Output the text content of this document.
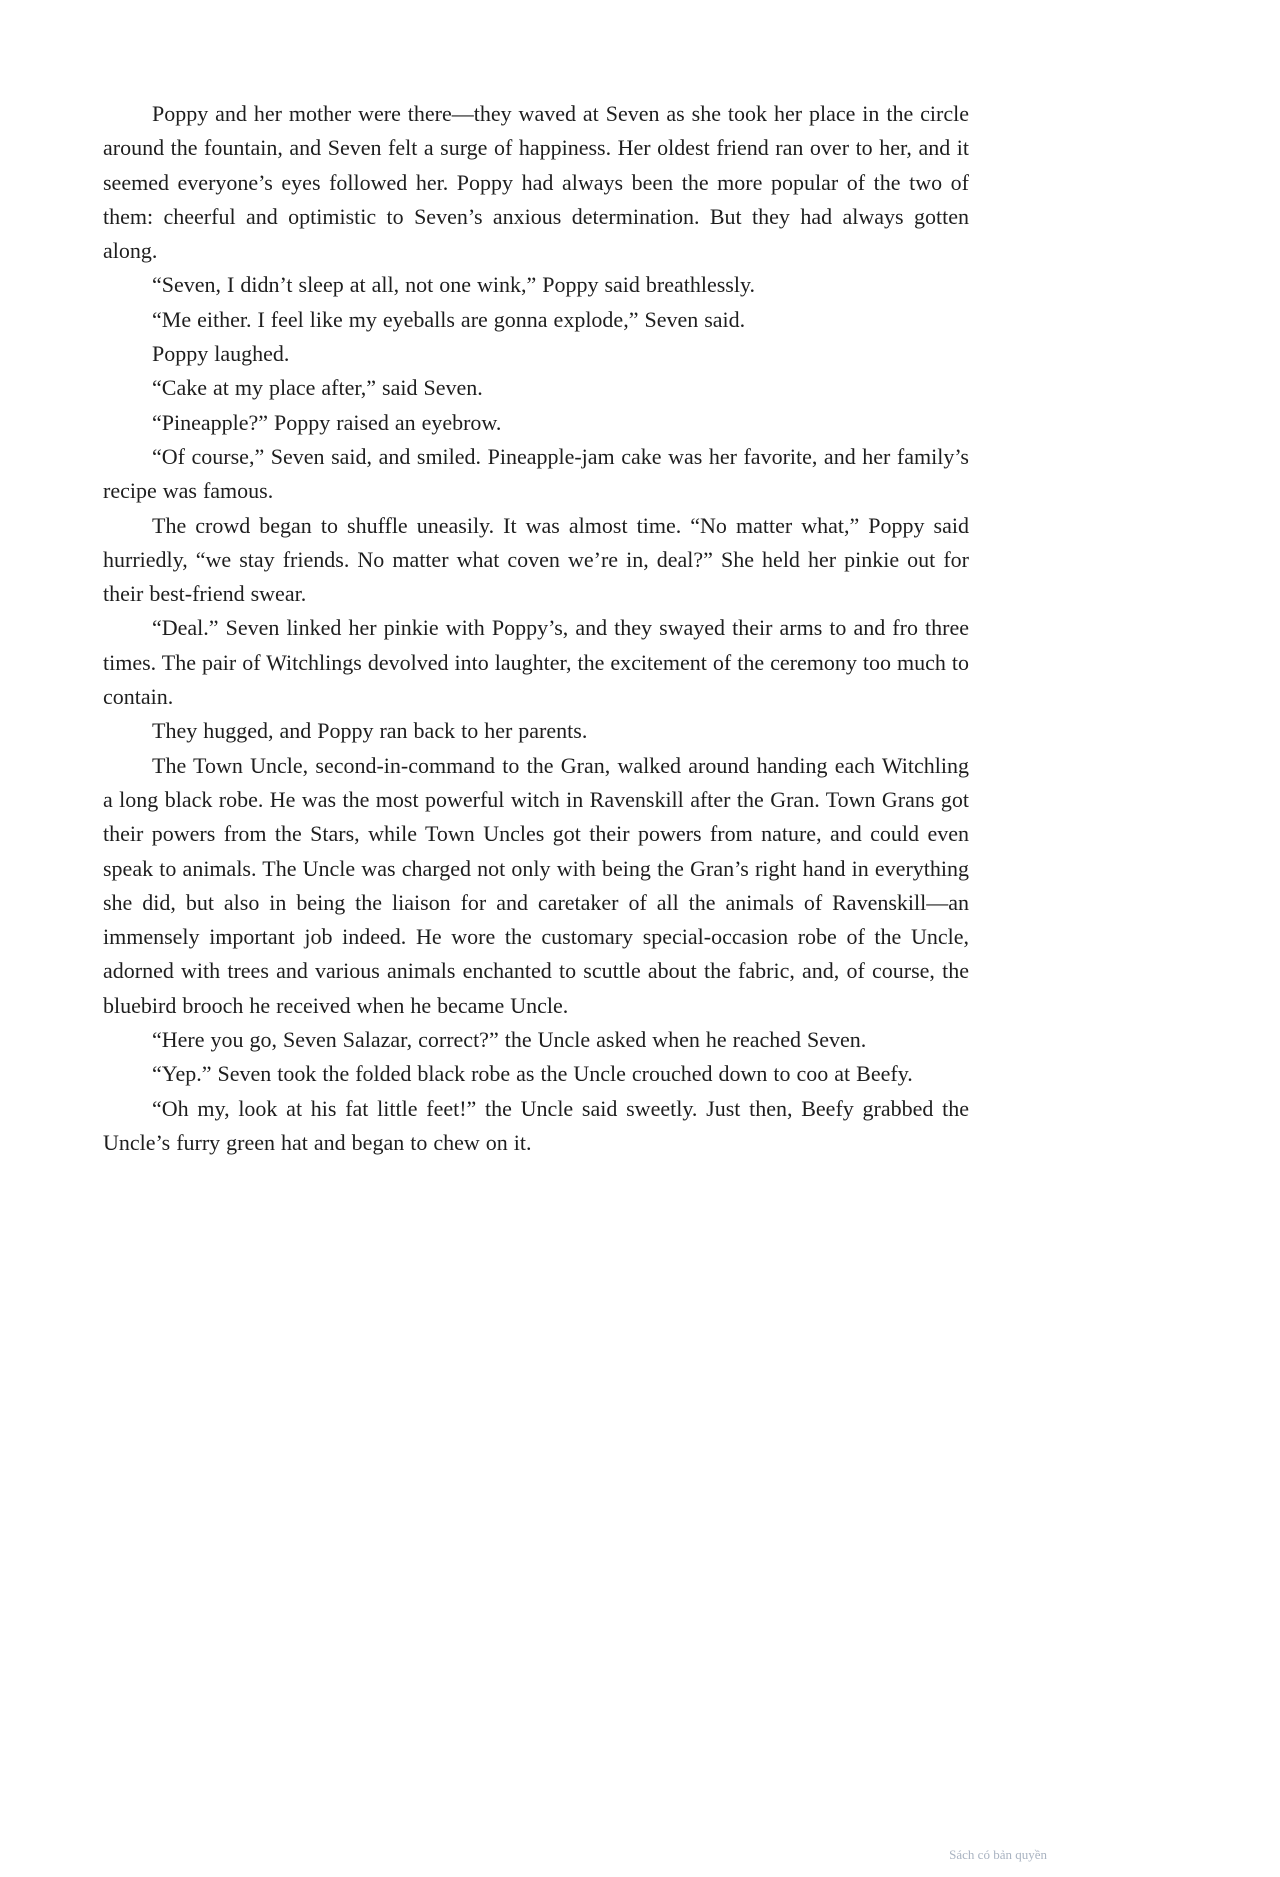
Poppy and her mother were there—they waved at Seven as she took her place in the circle around the fountain, and Seven felt a surge of happiness. Her oldest friend ran over to her, and it seemed everyone’s eyes followed her. Poppy had always been the more popular of the two of them: cheerful and optimistic to Seven’s anxious determination. But they had always gotten along.

“Seven, I didn’t sleep at all, not one wink,” Poppy said breathlessly.

“Me either. I feel like my eyeballs are gonna explode,” Seven said.

Poppy laughed.

“Cake at my place after,” said Seven.

“Pineapple?” Poppy raised an eyebrow.

“Of course,” Seven said, and smiled. Pineapple-jam cake was her favorite, and her family’s recipe was famous.

The crowd began to shuffle uneasily. It was almost time. “No matter what,” Poppy said hurriedly, “we stay friends. No matter what coven we’re in, deal?” She held her pinkie out for their best-friend swear.

“Deal.” Seven linked her pinkie with Poppy’s, and they swayed their arms to and fro three times. The pair of Witchlings devolved into laughter, the excitement of the ceremony too much to contain.

They hugged, and Poppy ran back to her parents.

The Town Uncle, second-in-command to the Gran, walked around handing each Witchling a long black robe. He was the most powerful witch in Ravenskill after the Gran. Town Grans got their powers from the Stars, while Town Uncles got their powers from nature, and could even speak to animals. The Uncle was charged not only with being the Gran’s right hand in everything she did, but also in being the liaison for and caretaker of all the animals of Ravenskill—an immensely important job indeed. He wore the customary special-occasion robe of the Uncle, adorned with trees and various animals enchanted to scuttle about the fabric, and, of course, the bluebird brooch he received when he became Uncle.

“Here you go, Seven Salazar, correct?” the Uncle asked when he reached Seven.

“Yep.” Seven took the folded black robe as the Uncle crouched down to coo at Beefy.

“Oh my, look at his fat little feet!” the Uncle said sweetly. Just then, Beefy grabbed the Uncle’s furry green hat and began to chew on it.

Sách có bản quyền
